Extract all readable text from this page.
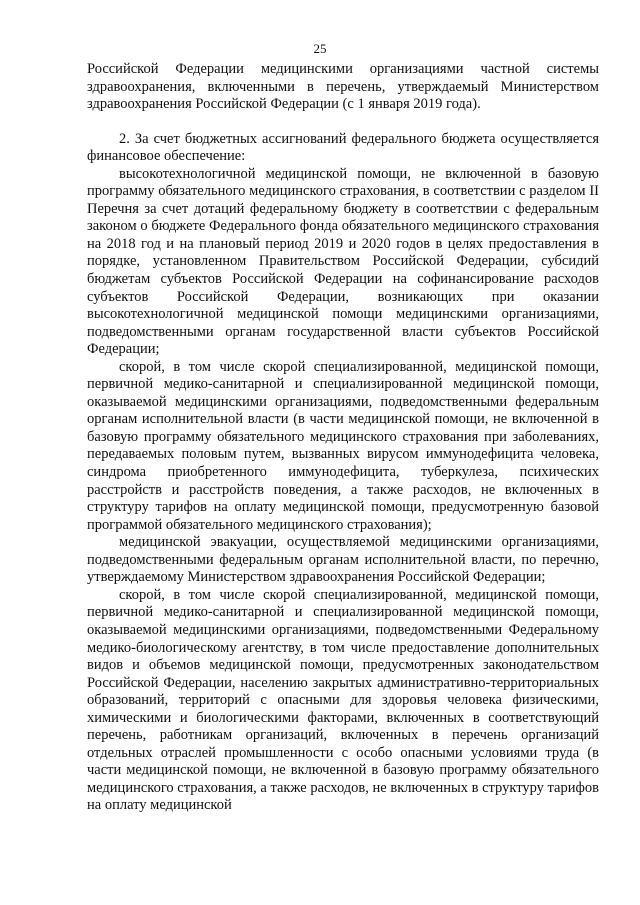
25

Российской Федерации медицинскими организациями частной системы здравоохранения, включенными в перечень, утверждаемый Министерством здравоохранения Российской Федерации (с 1 января 2019 года).

2. За счет бюджетных ассигнований федерального бюджета осуществляется финансовое обеспечение:

высокотехнологичной медицинской помощи, не включенной в базовую программу обязательного медицинского страхования, в соответствии с разделом II Перечня за счет дотаций федеральному бюджету в соответствии с федеральным законом о бюджете Федерального фонда обязательного медицинского страхования на 2018 год и на плановый период 2019 и 2020 годов в целях предоставления в порядке, установленном Правительством Российской Федерации, субсидий бюджетам субъектов Российской Федерации на софинансирование расходов субъектов Российской Федерации, возникающих при оказании высокотехнологичной медицинской помощи медицинскими организациями, подведомственными органам государственной власти субъектов Российской Федерации;

скорой, в том числе скорой специализированной, медицинской помощи, первичной медико-санитарной и специализированной медицинской помощи, оказываемой медицинскими организациями, подведомственными федеральным органам исполнительной власти (в части медицинской помощи, не включенной в базовую программу обязательного медицинского страхования при заболеваниях, передаваемых половым путем, вызванных вирусом иммунодефицита человека, синдрома приобретенного иммунодефицита, туберкулеза, психических расстройств и расстройств поведения, а также расходов, не включенных в структуру тарифов на оплату медицинской помощи, предусмотренную базовой программой обязательного медицинского страхования);

медицинской эвакуации, осуществляемой медицинскими организациями, подведомственными федеральным органам исполнительной власти, по перечню, утверждаемому Министерством здравоохранения Российской Федерации;

скорой, в том числе скорой специализированной, медицинской помощи, первичной медико-санитарной и специализированной медицинской помощи, оказываемой медицинскими организациями, подведомственными Федеральному медико-биологическому агентству, в том числе предоставление дополнительных видов и объемов медицинской помощи, предусмотренных законодательством Российской Федерации, населению закрытых административно-территориальных образований, территорий с опасными для здоровья человека физическими, химическими и биологическими факторами, включенных в соответствующий перечень, работникам организаций, включенных в перечень организаций отдельных отраслей промышленности с особо опасными условиями труда (в части медицинской помощи, не включенной в базовую программу обязательного медицинского страхования, а также расходов, не включенных в структуру тарифов на оплату медицинской
